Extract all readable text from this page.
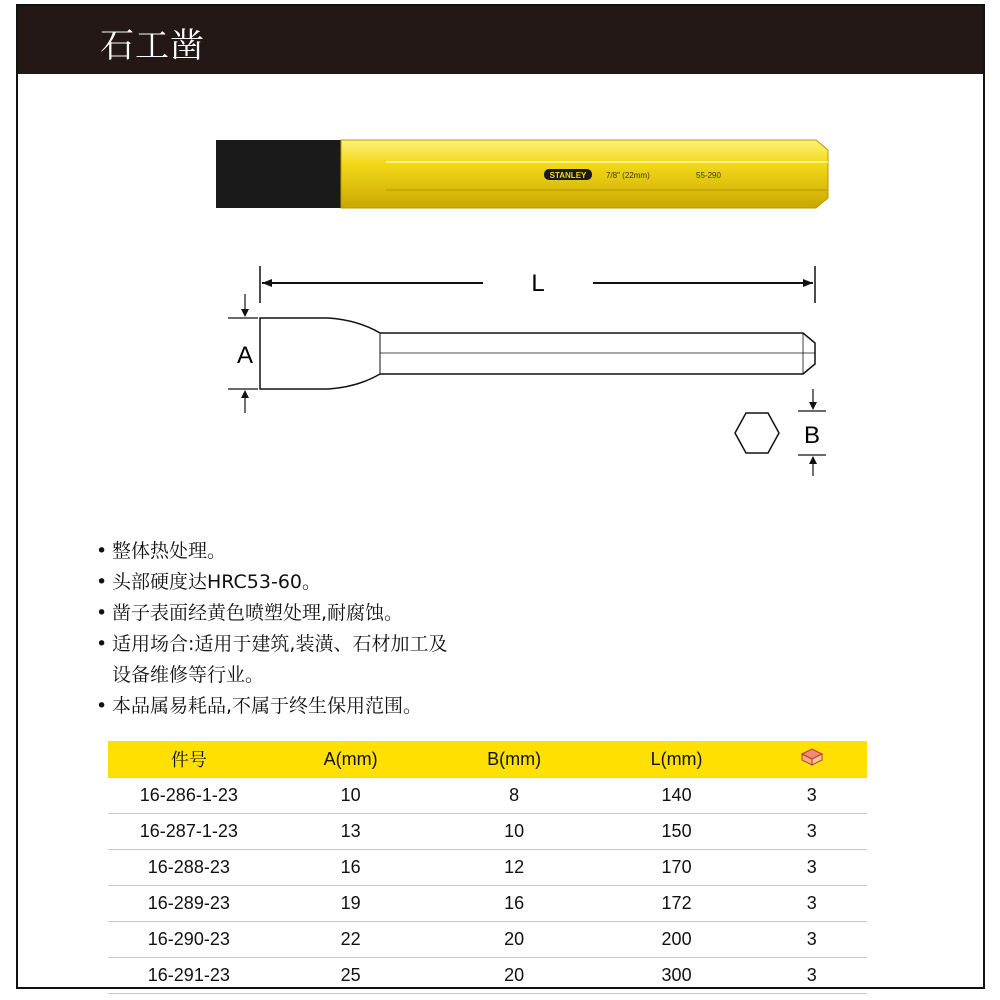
石工凿
STANLEY 7/8" (22mm)	55-290
L
A
B
• 整体热处理。
• 头部硬度达HRC53-60。
• 凿子表面经黄色喷塑处理,耐腐蚀。
• 适用场合:适用于建筑,装潢、石材加工及
设备维修等行业。
• 本品属易耗品,不属于终生保用范围。
件号	A(mm)	B(mm)	L(mm)	
16-286-1-23	10	8	140	3
16-287-1-23	13	10	150	3
16-288-23	16	12	170	3
16-289-23	19	16	172	3
16-290-23	22	20	200	3
16-291-23	25	20	300	3
